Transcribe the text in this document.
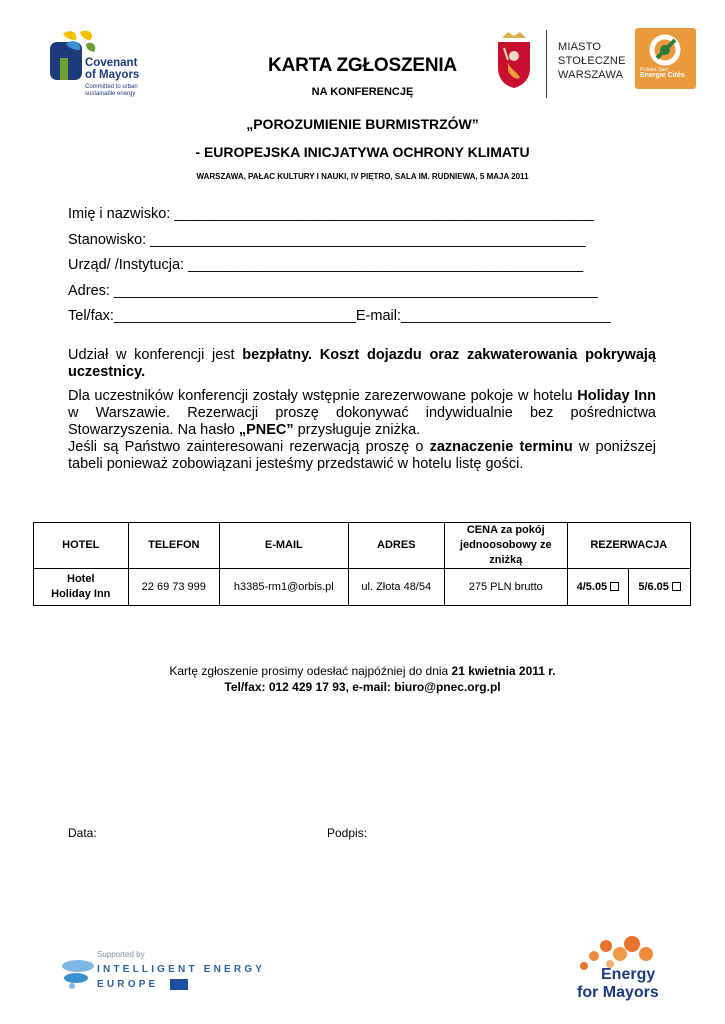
Covenant
of Mayors
Committed to urban
sustainable energy
MIASTO
STOŁECZNE
WARSZAWA	Polska Sieć
Energie Cités
KARTA ZGŁOSZENIA
NA KONFERENCJĘ
„POROZUMIENIE BURMISTRZÓW”
- EUROPEJSKA INICJATYWA OCHRONY KLIMATU
WARSZAWA, PAŁAC KULTURY I NAUKI, IV PIĘTRO, SALA IM. RUDNIEWA, 5 MAJA 2011
Imię i nazwisko: ____________________________________________________
Stanowisko: ______________________________________________________
Urząd/ /Instytucja: _________________________________________________
Adres: ____________________________________________________________
Tel/fax:______________________________E-mail:__________________________
Udział w konferencji jest bezpłatny. Koszt dojazdu oraz zakwaterowania pokrywają uczestnicy.
Dla uczestników konferencji zostały wstępnie zarezerwowane pokoje w hotelu Holiday Inn w Warszawie. Rezerwacji proszę dokonywać indywidualnie bez pośrednictwa Stowarzyszenia. Na hasło „PNEC” przysługuje zniżka.
Jeśli są Państwo zainteresowani rezerwacją proszę o zaznaczenie terminu w poniższej tabeli ponieważ zobowiązani jesteśmy przedstawić w hotelu listę gości.
HOTEL	TELEFON	E-MAIL	ADRES	CENA za pokój
jednoosobowy ze
zniżką	REZERWACJA	

Hotel
Holiday Inn	22 69 73 999	h3385-rm1@orbis.pl	ul. Złota 48/54	275 PLN brutto	4/5.05	5/6.05
Kartę zgłoszenie prosimy odesłać najpóźniej do dnia 21 kwietnia 2011 r.
Tel/fax: 012 429 17 93, e-mail: biuro@pnec.org.pl
Data:	Podpis:
Supported by
INTELLIGENT ENERGY
EUROPE
Energy
for Mayors
